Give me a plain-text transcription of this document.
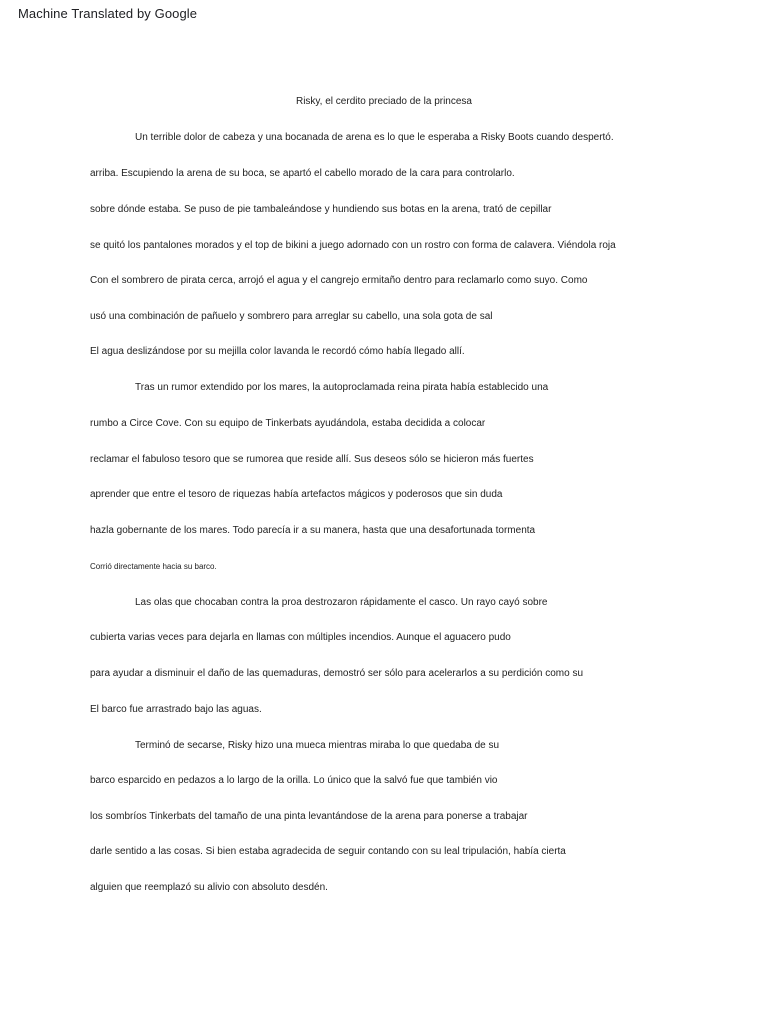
Machine Translated by Google
Risky, el cerdito preciado de la princesa
Un terrible dolor de cabeza y una bocanada de arena es lo que le esperaba a Risky Boots cuando despertó.
arriba. Escupiendo la arena de su boca, se apartó el cabello morado de la cara para controlarlo.
sobre dónde estaba. Se puso de pie tambaleándose y hundiendo sus botas en la arena, trató de cepillar
se quitó los pantalones morados y el top de bikini a juego adornado con un rostro con forma de calavera. Viéndola roja
Con el sombrero de pirata cerca, arrojó el agua y el cangrejo ermitaño dentro para reclamarlo como suyo. Como
usó una combinación de pañuelo y sombrero para arreglar su cabello, una sola gota de sal
El agua deslizándose por su mejilla color lavanda le recordó cómo había llegado allí.
Tras un rumor extendido por los mares, la autoproclamada reina pirata había establecido una
rumbo a Circe Cove. Con su equipo de Tinkerbats ayudándola, estaba decidida a colocar
reclamar el fabuloso tesoro que se rumorea que reside allí. Sus deseos sólo se hicieron más fuertes
aprender que entre el tesoro de riquezas había artefactos mágicos y poderosos que sin duda
hazla gobernante de los mares. Todo parecía ir a su manera, hasta que una desafortunada tormenta
Corrió directamente hacia su barco.
Las olas que chocaban contra la proa destrozaron rápidamente el casco. Un rayo cayó sobre
cubierta varias veces para dejarla en llamas con múltiples incendios. Aunque el aguacero pudo
para ayudar a disminuir el daño de las quemaduras, demostró ser sólo para acelerarlos a su perdición como su
El barco fue arrastrado bajo las aguas.
Terminó de secarse, Risky hizo una mueca mientras miraba lo que quedaba de su
barco esparcido en pedazos a lo largo de la orilla. Lo único que la salvó fue que también vio
los sombríos Tinkerbats del tamaño de una pinta levantándose de la arena para ponerse a trabajar
darle sentido a las cosas. Si bien estaba agradecida de seguir contando con su leal tripulación, había cierta
alguien que reemplazó su alivio con absoluto desdén.
